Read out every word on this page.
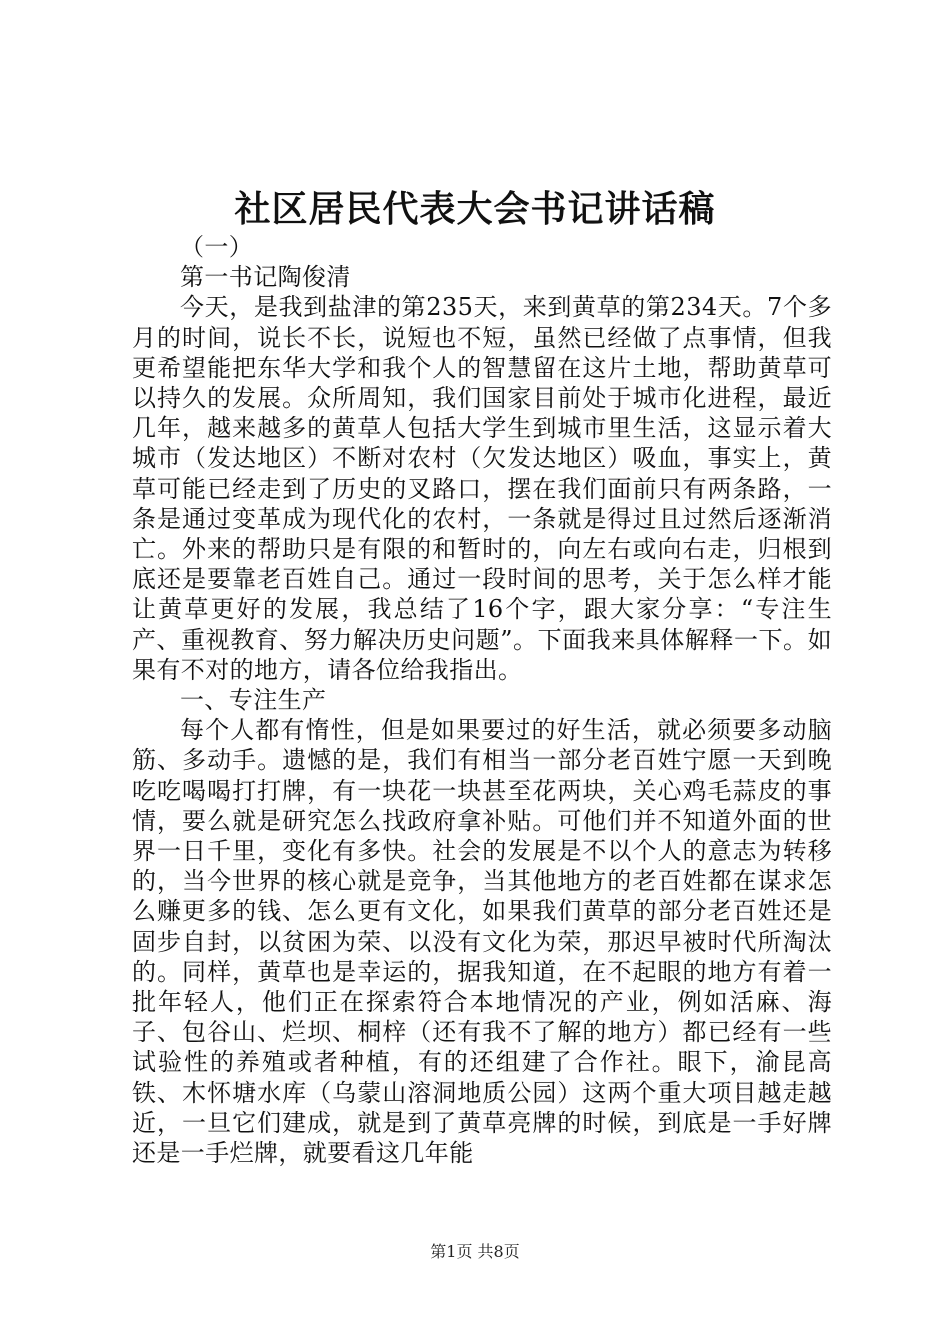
社区居民代表大会书记讲话稿

（一）

第一书记陶俊清

今天，是我到盐津的第235天，来到黄草的第234天。7个多月的时间，说长不长，说短也不短，虽然已经做了点事情，但我更希望能把东华大学和我个人的智慧留在这片土地，帮助黄草可以持久的发展。众所周知，我们国家目前处于城市化进程，最近几年，越来越多的黄草人包括大学生到城市里生活，这显示着大城市（发达地区）不断对农村（欠发达地区）吸血，事实上，黄草可能已经走到了历史的叉路口，摆在我们面前只有两条路，一条是通过变革成为现代化的农村，一条就是得过且过然后逐渐消亡。外来的帮助只是有限的和暂时的，向左右或向右走，归根到底还是要靠老百姓自己。通过一段时间的思考，关于怎么样才能让黄草更好的发展，我总结了16个字，跟大家分享：“专注生产、重视教育、努力解决历史问题”。下面我来具体解释一下。如果有不对的地方，请各位给我指出。

一、专注生产

每个人都有惰性，但是如果要过的好生活，就必须要多动脑筋、多动手。遗憾的是，我们有相当一部分老百姓宁愿一天到晚吃吃喝喝打打牌，有一块花一块甚至花两块，关心鸡毛蒜皮的事情，要么就是研究怎么找政府拿补贴。可他们并不知道外面的世界一日千里，变化有多快。社会的发展是不以个人的意志为转移的，当今世界的核心就是竞争，当其他地方的老百姓都在谋求怎么赚更多的钱、怎么更有文化，如果我们黄草的部分老百姓还是固步自封，以贫困为荣、以没有文化为荣，那迟早被时代所淘汰的。同样，黄草也是幸运的，据我知道，在不起眼的地方有着一批年轻人，他们正在探索符合本地情况的产业，例如活麻、海子、包谷山、烂坝、桐梓（还有我不了解的地方）都已经有一些试验性的养殖或者种植，有的还组建了合作社。眼下，渝昆高铁、木怀塘水库（乌蒙山溶洞地质公园）这两个重大项目越走越近，一旦它们建成，就是到了黄草亮牌的时候，到底是一手好牌还是一手烂牌，就要看这几年能

第1页 共8页
